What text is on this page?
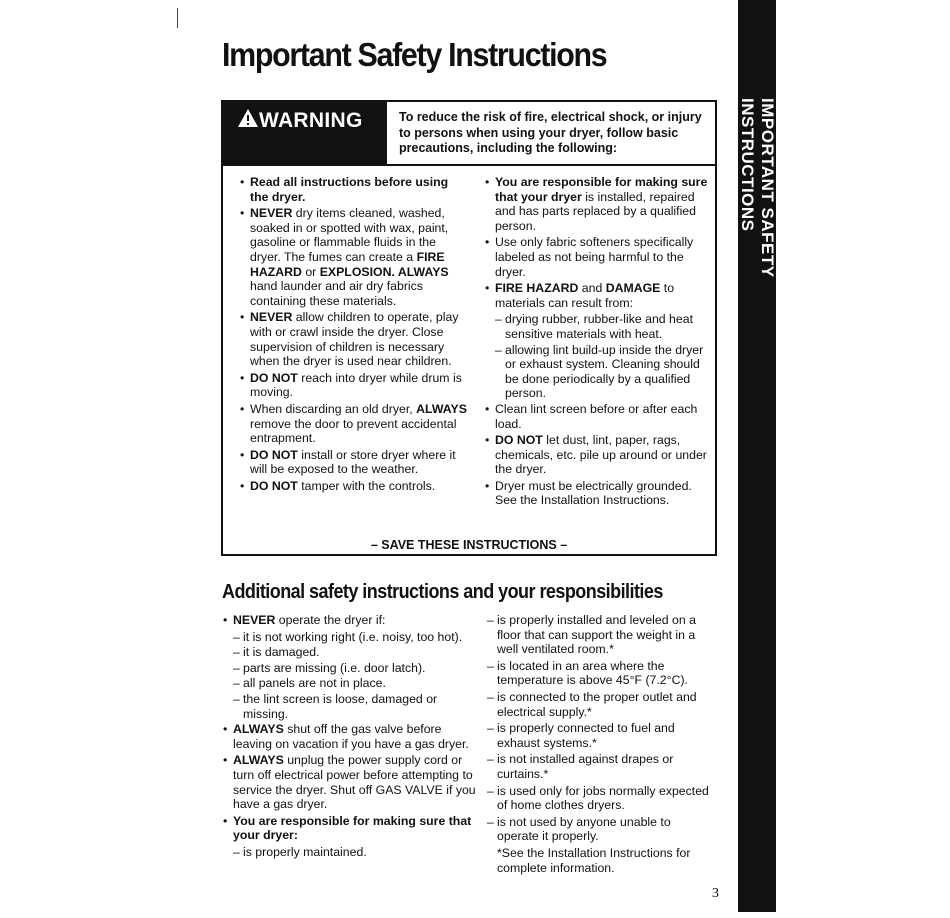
IMPORTANT SAFETY INSTRUCTIONS
Important Safety Instructions
WARNING	To reduce the risk of fire, electrical shock, or injury to persons when using your dryer, follow basic precautions, including the following:
• Read all instructions before using the dryer.
• NEVER dry items cleaned, washed, soaked in or spotted with wax, paint, gasoline or flammable fluids in the dryer. The fumes can create a FIRE HAZARD or EXPLOSION. ALWAYS hand launder and air dry fabrics containing these materials.
• NEVER allow children to operate, play with or crawl inside the dryer. Close supervision of children is necessary when the dryer is used near children.
• DO NOT reach into dryer while drum is moving.
• When discarding an old dryer, ALWAYS remove the door to prevent accidental entrapment.
• DO NOT install or store dryer where it will be exposed to the weather.
• DO NOT tamper with the controls.
• You are responsible for making sure that your dryer is installed, repaired and has parts replaced by a qualified person.
• Use only fabric softeners specifically labeled as not being harmful to the dryer.
• FIRE HAZARD and DAMAGE to materials can result from:
– drying rubber, rubber-like and heat sensitive materials with heat.
– allowing lint build-up inside the dryer or exhaust system. Cleaning should be done periodically by a qualified person.
• Clean lint screen before or after each load.
• DO NOT let dust, lint, paper, rags, chemicals, etc. pile up around or under the dryer.
• Dryer must be electrically grounded. See the Installation Instructions.
– SAVE THESE INSTRUCTIONS –
Additional safety instructions and your responsibilities
• NEVER operate the dryer if:
– it is not working right (i.e. noisy, too hot).
– it is damaged.
– parts are missing (i.e. door latch).
– all panels are not in place.
– the lint screen is loose, damaged or missing.
• ALWAYS shut off the gas valve before leaving on vacation if you have a gas dryer.
• ALWAYS unplug the power supply cord or turn off electrical power before attempting to service the dryer. Shut off GAS VALVE if you have a gas dryer.
• You are responsible for making sure that your dryer:
– is properly maintained.
– is properly installed and leveled on a floor that can support the weight in a well ventilated room.*
– is located in an area where the temperature is above 45°F (7.2°C).
– is connected to the proper outlet and electrical supply.*
– is properly connected to fuel and exhaust systems.*
– is not installed against drapes or curtains.*
– is used only for jobs normally expected of home clothes dryers.
– is not used by anyone unable to operate it properly.
*See the Installation Instructions for complete information.
3
